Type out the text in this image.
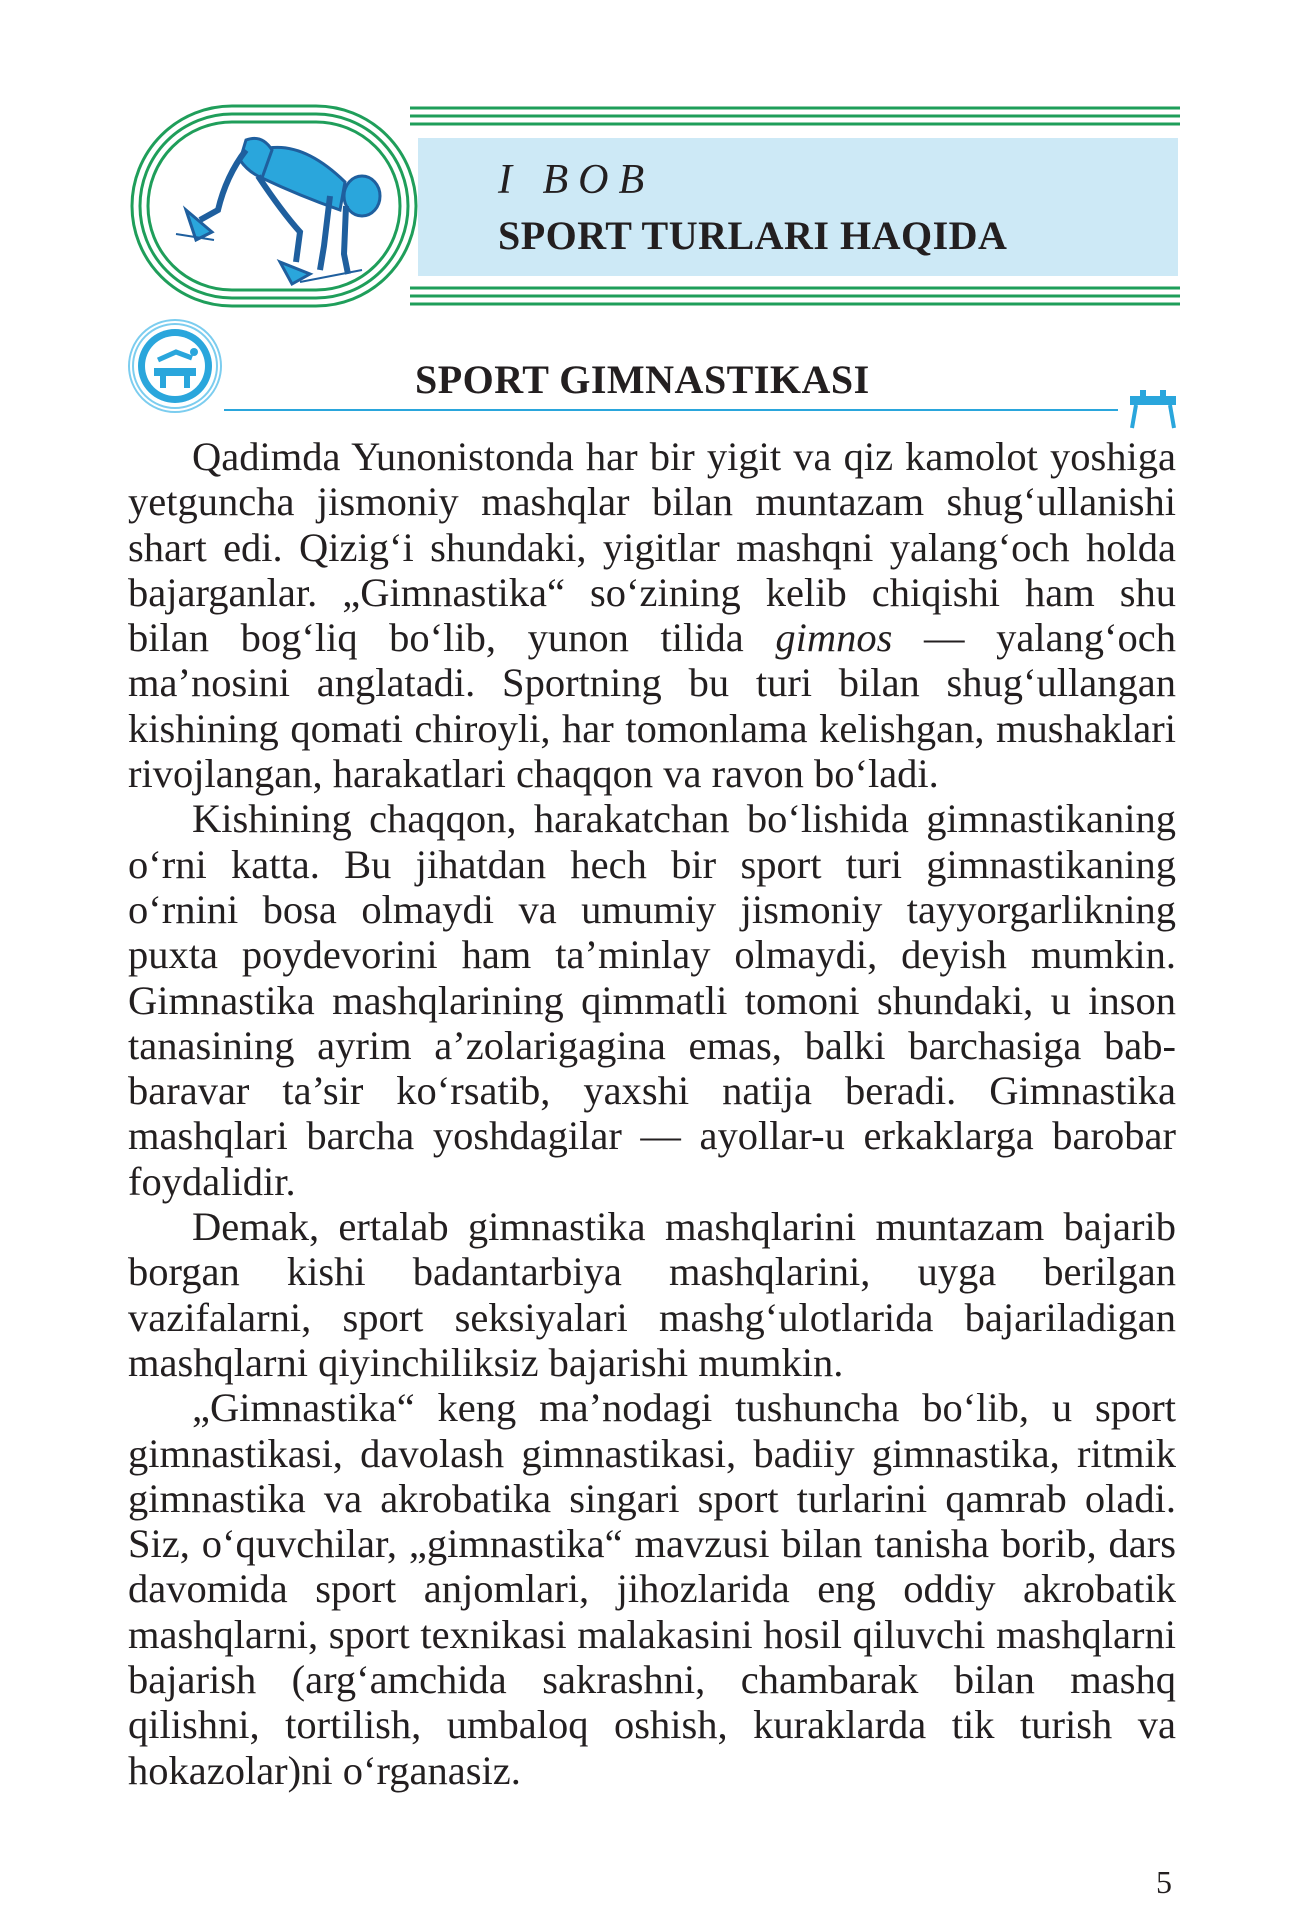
I BOB
SPORT TURLARI HAQIDA
SPORT GIMNASTIKASI

Qadimda Yunonistonda har bir yigit va qiz kamolot yoshiga yetguncha jismoniy mashqlar bilan muntazam shug‘ullanishi shart edi. Qizig‘i shundaki, yigitlar mashqni yalang‘och holda bajarganlar. „Gimnastika“ so‘zining kelib chiqishi ham shu bilan bog‘liq bo‘lib, yunon tilida gimnos — yalang‘och ma’nosini anglatadi. Sportning bu turi bilan shug‘ullangan kishining qomati chiroyli, har tomonlama kelishgan, mushaklari rivojlangan, harakatlari chaqqon va ravon bo‘ladi.

Kishining chaqqon, harakatchan bo‘lishida gimnastikaning o‘rni katta. Bu jihatdan hech bir sport turi gimnastikaning o‘rnini bosa olmaydi va umumiy jismoniy tayyorgarlikning puxta poydevorini ham ta’minlay olmaydi, deyish mumkin. Gimnastika mashqlarining qimmatli tomoni shundaki, u inson tanasining ayrim a’zolarigagina emas, balki barchasiga bab-baravar ta’sir ko‘rsatib, yaxshi natija beradi. Gimnastika mashqlari barcha yoshdagilar — ayollar-u erkaklarga barobar foydalidir.

Demak, ertalab gimnastika mashqlarini muntazam bajarib borgan kishi badantarbiya mashqlarini, uyga berilgan vazifalarni, sport seksiyalari mashg‘ulotlarida bajariladigan mashqlarni qiyinchiliksiz bajarishi mumkin.

„Gimnastika“ keng ma’nodagi tushuncha bo‘lib, u sport gimnastikasi, davolash gimnastikasi, badiiy gimnastika, ritmik gimnastika va akrobatika singari sport turlarini qamrab oladi. Siz, o‘quvchilar, „gimnastika“ mavzusi bilan tanisha borib, dars davomida sport anjomlari, jihozlarida eng oddiy akrobatik mashqlarni, sport texnikasi malakasini hosil qiluvchi mashqlarni bajarish (arg‘amchida sakrashni, chambarak bilan mashq qilishni, tortilish, umbaloq oshish, kuraklarda tik turish va hokazolar)ni o‘rganasiz.

5
